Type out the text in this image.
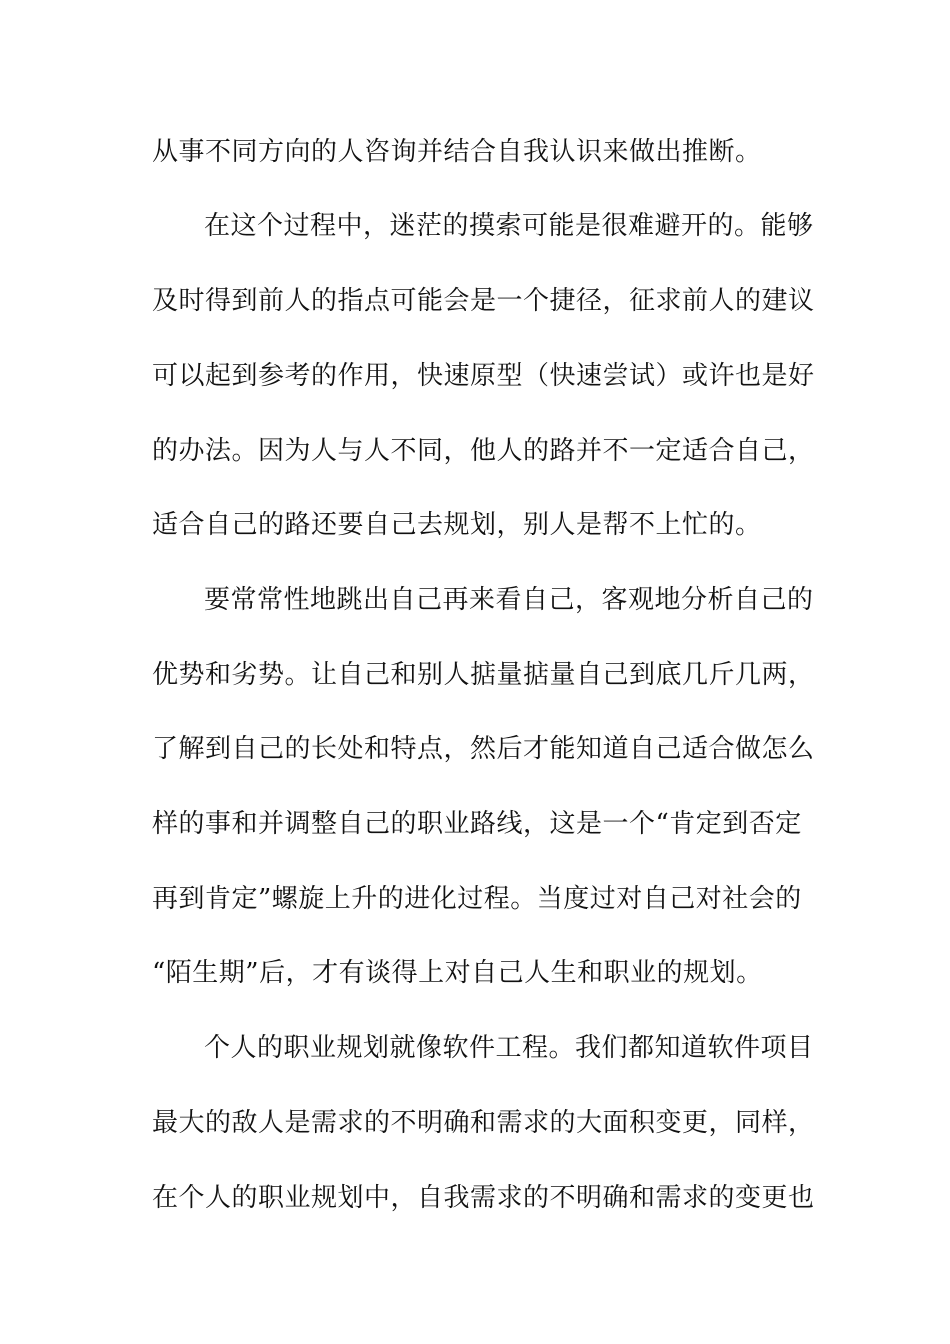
从事不同方向的人咨询并结合自我认识来做出推断。
在这个过程中，迷茫的摸索可能是很难避开的。能够
及时得到前人的指点可能会是一个捷径，征求前人的建议
可以起到参考的作用，快速原型（快速尝试）或许也是好
的办法。因为人与人不同，他人的路并不一定适合自己，
适合自己的路还要自己去规划，别人是帮不上忙的。
要常常性地跳出自己再来看自己，客观地分析自己的
优势和劣势。让自己和别人掂量掂量自己到底几斤几两，
了解到自己的长处和特点，然后才能知道自己适合做怎么
样的事和并调整自己的职业路线，这是一个“肯定到否定
再到肯定”螺旋上升的进化过程。当度过对自己对社会的
“陌生期”后，才有谈得上对自己人生和职业的规划。
个人的职业规划就像软件工程。我们都知道软件项目
最大的敌人是需求的不明确和需求的大面积变更，同样，
在个人的职业规划中，自我需求的不明确和需求的变更也
